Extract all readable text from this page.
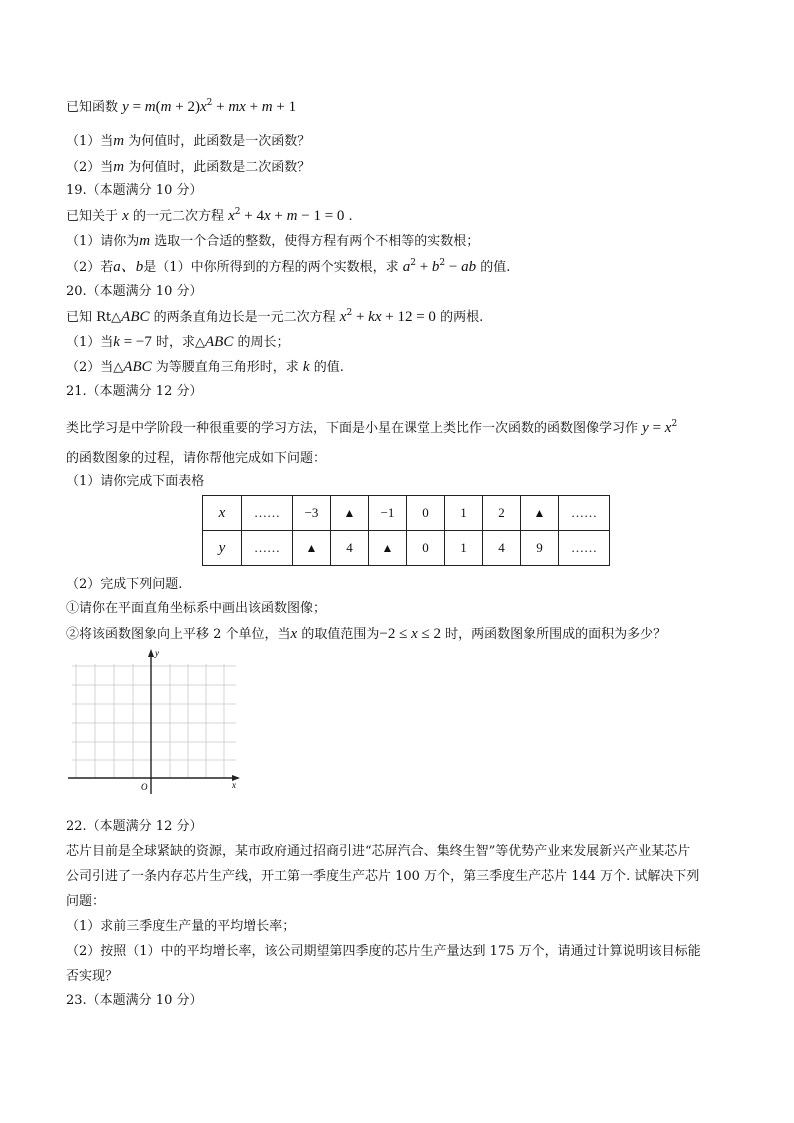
已知函数 $y = m(m + 2)x^2$ + mx + m + 1
（1）当m 为何值时，此函数是一次函数？
（2）当m 为何值时，此函数是二次函数？
19.（本题满分 10 分）
已知关于 x 的一元二次方程 $x^2 + 4x + m - 1 = 0$ .
（1）请你为m 选取一个合适的整数，使得方程有两个不相等的实数根；
（2）若a、b是（1）中你所得到的方程的两个实数根，求 $a^2 + b^2$ − ab 的值.
20.（本题满分 10 分）
已知 Rt△ABC 的两条直角边长是一元二次方程 $x^2$ + kx + 12 = 0 的两根.
（1）当k = −7 时，求△ABC 的周长；
（2）当△ABC 为等腰直角三角形时，求 k 的值.
21.（本题满分 12 分）
类比学习是中学阶段一种很重要的学习方法，下面是小星在课堂上类比作一次函数的函数图像学习作 $y = x^2$
的函数图象的过程，请你帮他完成如下问题：
（1）请你完成下面表格
x	……	−3	▲	−1	0	1	2	▲	……
y	……	▲	4	▲	0	1	4	9	……
（2）完成下列问题.
①请你在平面直角坐标系中画出该函数图像；
②将该函数图象向上平移 2 个单位，当x 的取值范围为−2 ≤ x ≤ 2 时，两函数图象所围成的面积为多少？
y
x
O
22.（本题满分 12 分）
芯片目前是全球紧缺的资源，某市政府通过招商引进“芯屏汽合、集终生智”等优势产业来发展新兴产业某芯片
公司引进了一条内存芯片生产线，开工第一季度生产芯片 100 万个，第三季度生产芯片 144 万个. 试解决下列
问题：
（1）求前三季度生产量的平均增长率；
（2）按照（1）中的平均增长率，该公司期望第四季度的芯片生产量达到 175 万个，请通过计算说明该目标能
否实现？
23.（本题满分 10 分）
